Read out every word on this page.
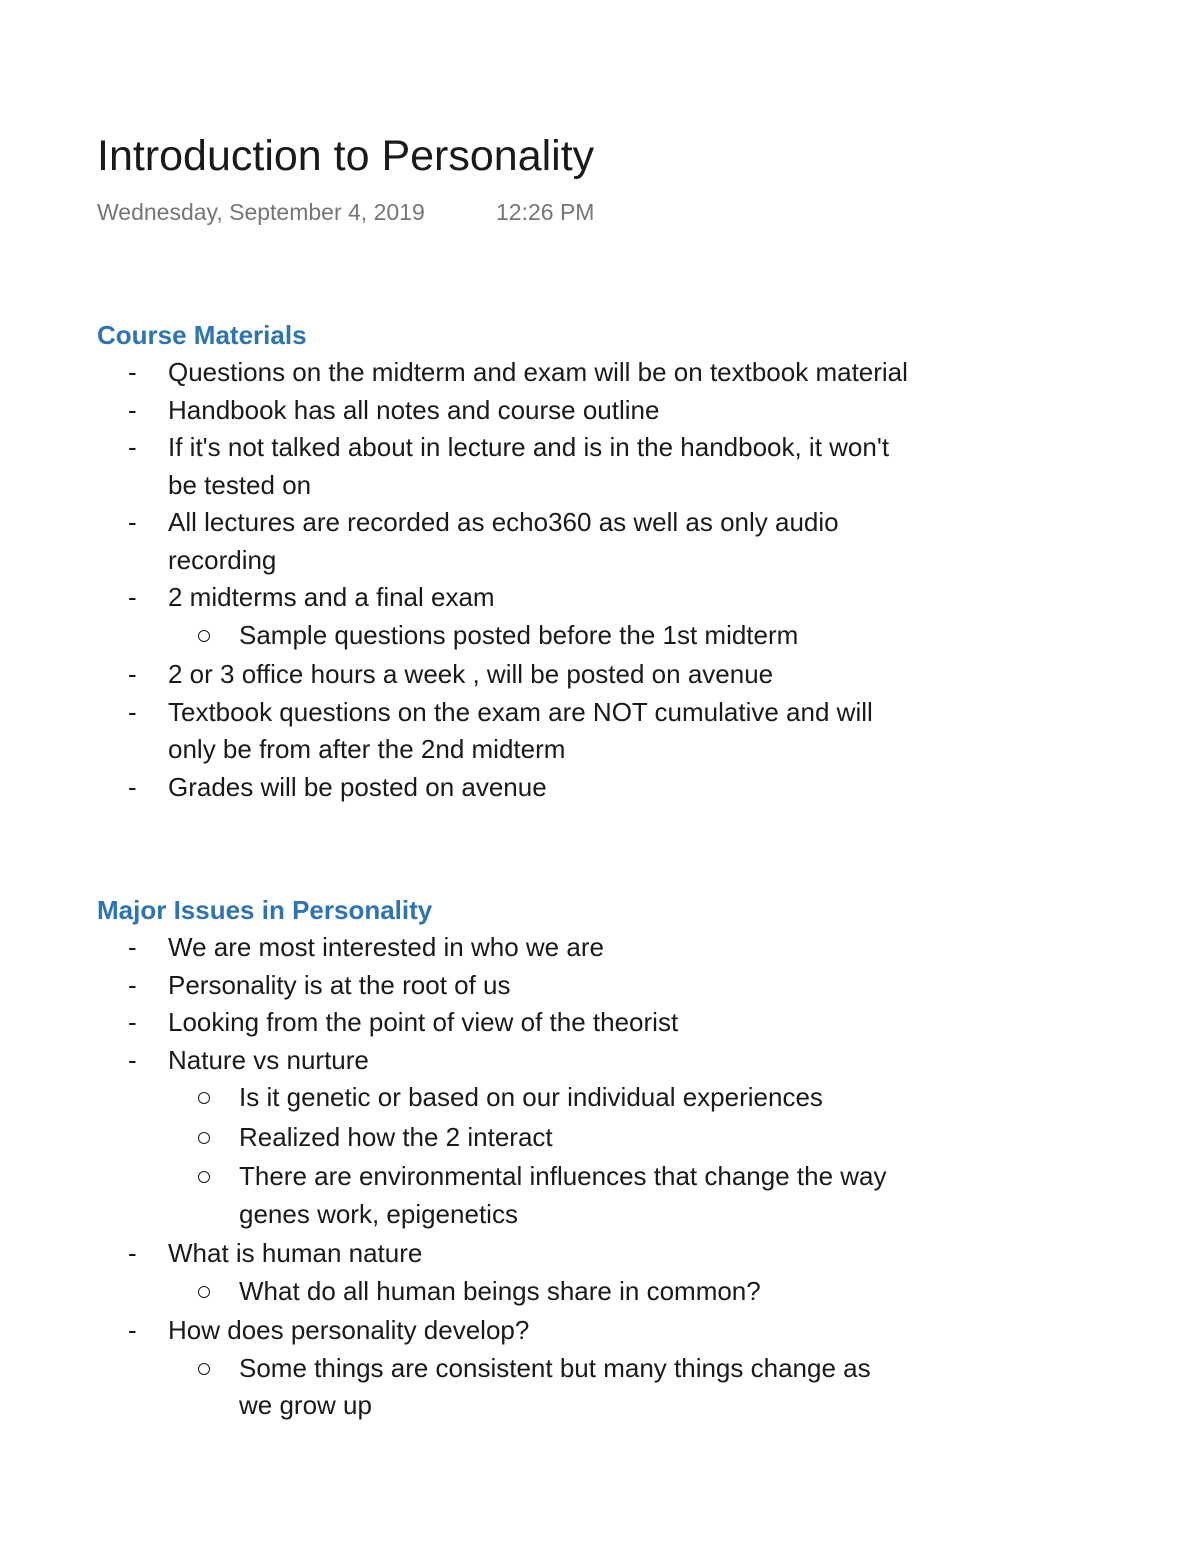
Introduction to Personality
Wednesday, September 4, 2019	12:26 PM
Course Materials
-	Questions on the midterm and exam will be on textbook material
-	Handbook has all notes and course outline
-	If it's not talked about in lecture and is in the handbook, it won't be tested on
-	All lectures are recorded as echo360 as well as only audio recording
-	2 midterms and a final exam
Sample questions posted before the 1st midterm
-	2 or 3 office hours a week , will be posted on avenue
-	Textbook questions on the exam are NOT cumulative and will only be from after the 2nd midterm
-	Grades will be posted on avenue
Major Issues in Personality
-	We are most interested in who we are
-	Personality is at the root of us
-	Looking from the point of view of the theorist
-	Nature vs nurture
Is it genetic or based on our individual experiences
Realized how the 2 interact
There are environmental influences that change the way genes work, epigenetics
-	What is human nature
What do all human beings share in common?
-	How does personality develop?
Some things are consistent but many things change as we grow up
